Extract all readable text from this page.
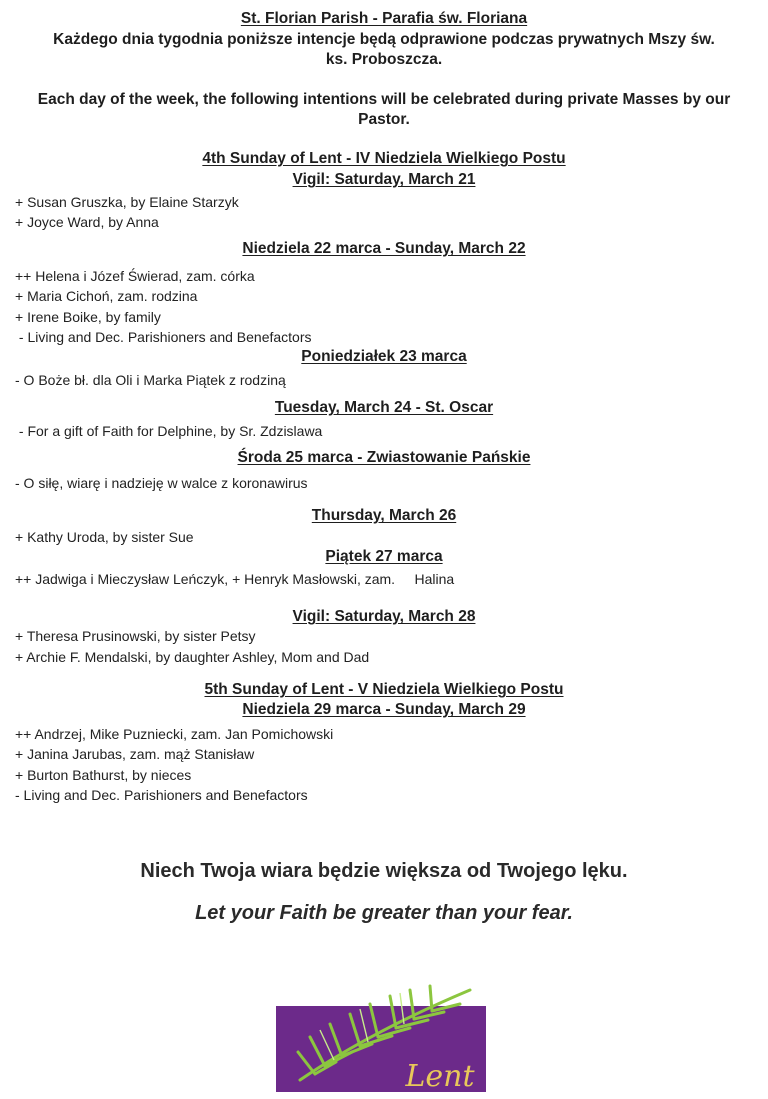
St. Florian Parish - Parafia św. Floriana
Każdego dnia tygodnia poniższe intencje będą odprawione podczas prywatnych Mszy św.
ks. Proboszcza.
Each day of the week, the following intentions will be celebrated during private Masses by our
Pastor.
4th Sunday of Lent - IV Niedziela Wielkiego Postu
Vigil: Saturday, March 21
+ Susan Gruszka, by Elaine Starzyk
+ Joyce Ward, by Anna
Niedziela 22 marca - Sunday, March 22
++ Helena i Józef Świerad, zam. córka
+ Maria Cichoń, zam. rodzina
+ Irene Boike, by family
- Living and Dec. Parishioners and Benefactors
Poniedziałek 23 marca
- O Boże bł. dla Oli i Marka Piątek z rodziną
Tuesday, March 24 - St. Oscar
- For a gift of Faith for Delphine, by Sr. Zdzislawa
Środa 25 marca - Zwiastowanie Pańskie
- O siłę, wiarę i nadzieję w walce z koronawirus
Thursday, March 26
+ Kathy Uroda, by sister Sue
Piątek 27 marca
++ Jadwiga i Mieczysław Leńczyk, + Henryk Masłowski, zam.     Halina
Vigil: Saturday, March 28
+ Theresa Prusinowski, by sister Petsy
+ Archie F. Mendalski, by daughter Ashley, Mom and Dad
5th Sunday of Lent - V Niedziela Wielkiego Postu
Niedziela 29 marca - Sunday, March 29
++ Andrzej, Mike Puzniecki, zam. Jan Pomichowski
+ Janina Jarubas, zam. mąż Stanisław
+ Burton Bathurst, by nieces
- Living and Dec. Parishioners and Benefactors
Niech Twoja wiara będzie większa od Twojego lęku.
Let your Faith be greater than your fear.
Lent
